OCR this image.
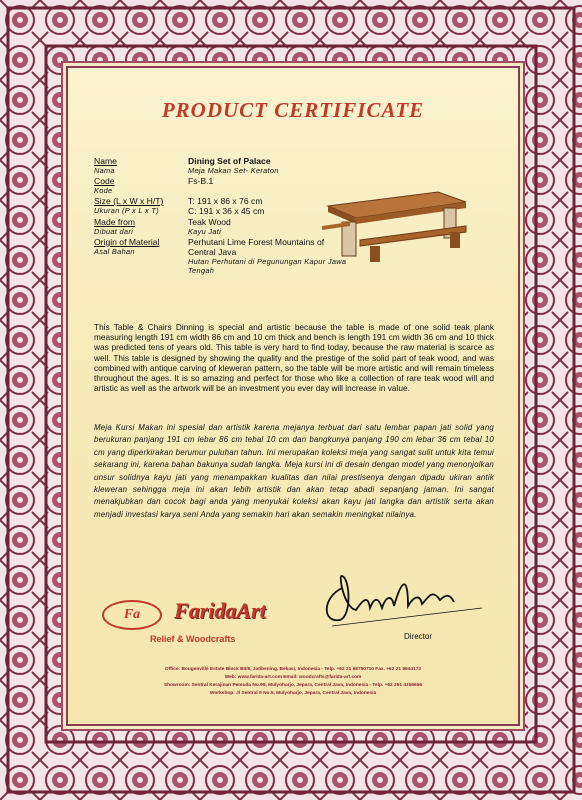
PRODUCT CERTIFICATE
Name
Nama
Dining Set of Palace
Meja Makan Set- Keraton
Code
Kode
Fs-B.1
Size (L x W x H/T)
Ukuran (P x L x T)
T: 191 x 86 x 76 cm
C: 191 x 36 x 45 cm
Made from
Dibuat dari
Teak Wood
Kayu Jati
Origin of Material
Asal Bahan
Perhutani Lime Forest Mountains of Central Java
Hutan Perhutani di Pegunungan Kapur Jawa Tengah
This Table & Chairs Dinning is special and artistic because the table is made of one solid teak plank measuring length 191 cm width 86 cm and 10 cm thick and bench is length 191 cm width 36 cm and 10 thick was predicted tens of years old. This table is very hard to find today, because the raw material is scarce as well. This table is designed by showing the quality and the prestige of the solid part of teak wood, and was combined with antique carving of kleweran pattern, so the table will be more artistic and will remain timeless throughout the ages. It is so amazing and perfect for those who like a collection of rare teak wood will and artistic as well as the artwork will be an investment you ever day will increase in value.
Meja Kursi Makan ini spesial dan artistik karena mejanya terbuat dari satu lembar papan jati solid yang berukuran panjang 191 cm lebar 86 cm tebal 10 cm dan bangkunya panjang 190 cm lebar 36 cm tebal 10 cm yang diperkirakan berumur puluhan tahun. Ini merupakan koleksi meja yang sangat sulit untuk kita temui sekarang ini, karena bahan bakunya sudah langka. Meja kursi ini di desain dengan model yang menonjolkan unsur solidnya kayu jati yang menampakkan kualitas dan nilai prestisenya dengan dipadu ukiran antik kleweran sehingga meja ini akan lebih artistik dan akan tetap abadi sepanjang jaman. Ini sangat menakjubkan dan cocok bagi anda yang menyukai koleksi akan kayu jati langka dan artistik serta akan menjadi investasi karya seni Anda yang semakin hari akan semakin meningkat nilainya.
Fa	FaridaArt
Relief & Woodcrafts	Director
Office: Bougenville Estate Block BII/8, Jatibening, Bekasi, Indonesia - Telp. +62 21 68750710 Fax. +62 21 8644172
Web: www.farida-art.com Email: woodcrafts@farida-art.com
Showroom: Sentral Kerajinan Pemuda No.99, Mulyoharjo, Jepara, Central Java, Indonesia - Telp. +62 291 4255656
Workshop: Jl Sentral II No.5, Mulyoharjo, Jepara, Central Java, Indonesia
